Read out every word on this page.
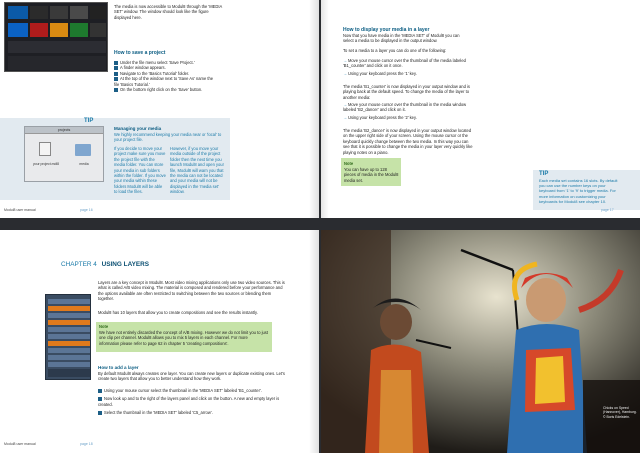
The media is now accessible to Modul8 through the 'MEDIA SET' window. The window should look like the figure displayed here.
How to save a project
Under the file menu select 'Save Project.'
A finder window appears.
Navigate to the 'Basics Tutorial' folder.
At the top of the window next to 'Save As' name the file 'Basics Tutorial.'
On the bottom right click on the 'Save' button.
TIP
projects
your project.mdl8	media
Managing your media
We highly recommend keeping your media near or 'local' to your project file.
If you decide to move your project make sure you move the project file with the media folder. You can store your media in sub folders within the folder. If you move your media within these folders Modul8 will be able to load the files.
However, if you move your media outside of the project folder then the next time you launch Modul8 and open your file, Modul8 will warn you that the media can not be located and your media will not be displayed in the 'media set' window.
Modul8 user manual	page 16
How to display your media in a layer
Now that you have media in the 'MEDIA SET' of Modul8 you can select a media to be displayed in the output window.
To set a media to a layer you can do one of the following:
→Move your mouse cursor over the thumbnail of the media labeled 'B1_counter' and click on it once.
→Using your keyboard press the '1' key.
The media 'B1_counter' is now displayed in your output window and is playing back at the default speed. To change the media of the layer to another media:
→Move your mouse cursor over the thumbnail in the media window labeled 'B2_dancer' and click on it.
→Using your keyboard press the '2' key.
The media 'B2_dancer' is now displayed in your output window located on the upper right side of your screen. Using the mouse cursor or the keyboard quickly change between the two media. In this way you can see that it is possible to change the media in your layer very quickly like playing notes on a piano.
Note
You can have up to 128 pieces of media in the Modul8 media set.
TIP
Each media set contains 16 slots. By default you can use the number keys on your keyboard from '1' to '9' to trigger media. For more information on customizing your keyboards for Modul8 see chapter 10.
page 17
CHAPTER 4 USING LAYERS
Layers are a key concept in Modul8. Most video mixing applications only use two video sources. This is what is called A/B video mixing. The material is composed and rendered before your performance and the options available are often restricted to switching between the two sources or blending them together.
Modul8 has 10 layers that allow you to create compositions and see the results instantly.
Note
We have not entirely discarded the concept of A/B mixing. However we do not limit you to just one clip per channel. Modul8 allows you to mix 5 layers in each channel. For more information please refer to page 62 in chapter 5 'creating compositions'.
How to add a layer
By default Modul8 always creates one layer. You can create new layers or duplicate existing ones. Let's create two layers that allow you to better understand how they work.
Using your mouse cursor select the thumbnail in the 'MEDIA SET' labeled 'B1_counter'.
Now look up and to the right of the layers panel and click on the button. A new and empty layer is created.
Select the thumbnail in the 'MEDIA SET' labeled 'C5_arrow'.
Modul8 user manual	page 18
Chicks on Speed (Hannover), Hamburg. © Boris Edelstein.
